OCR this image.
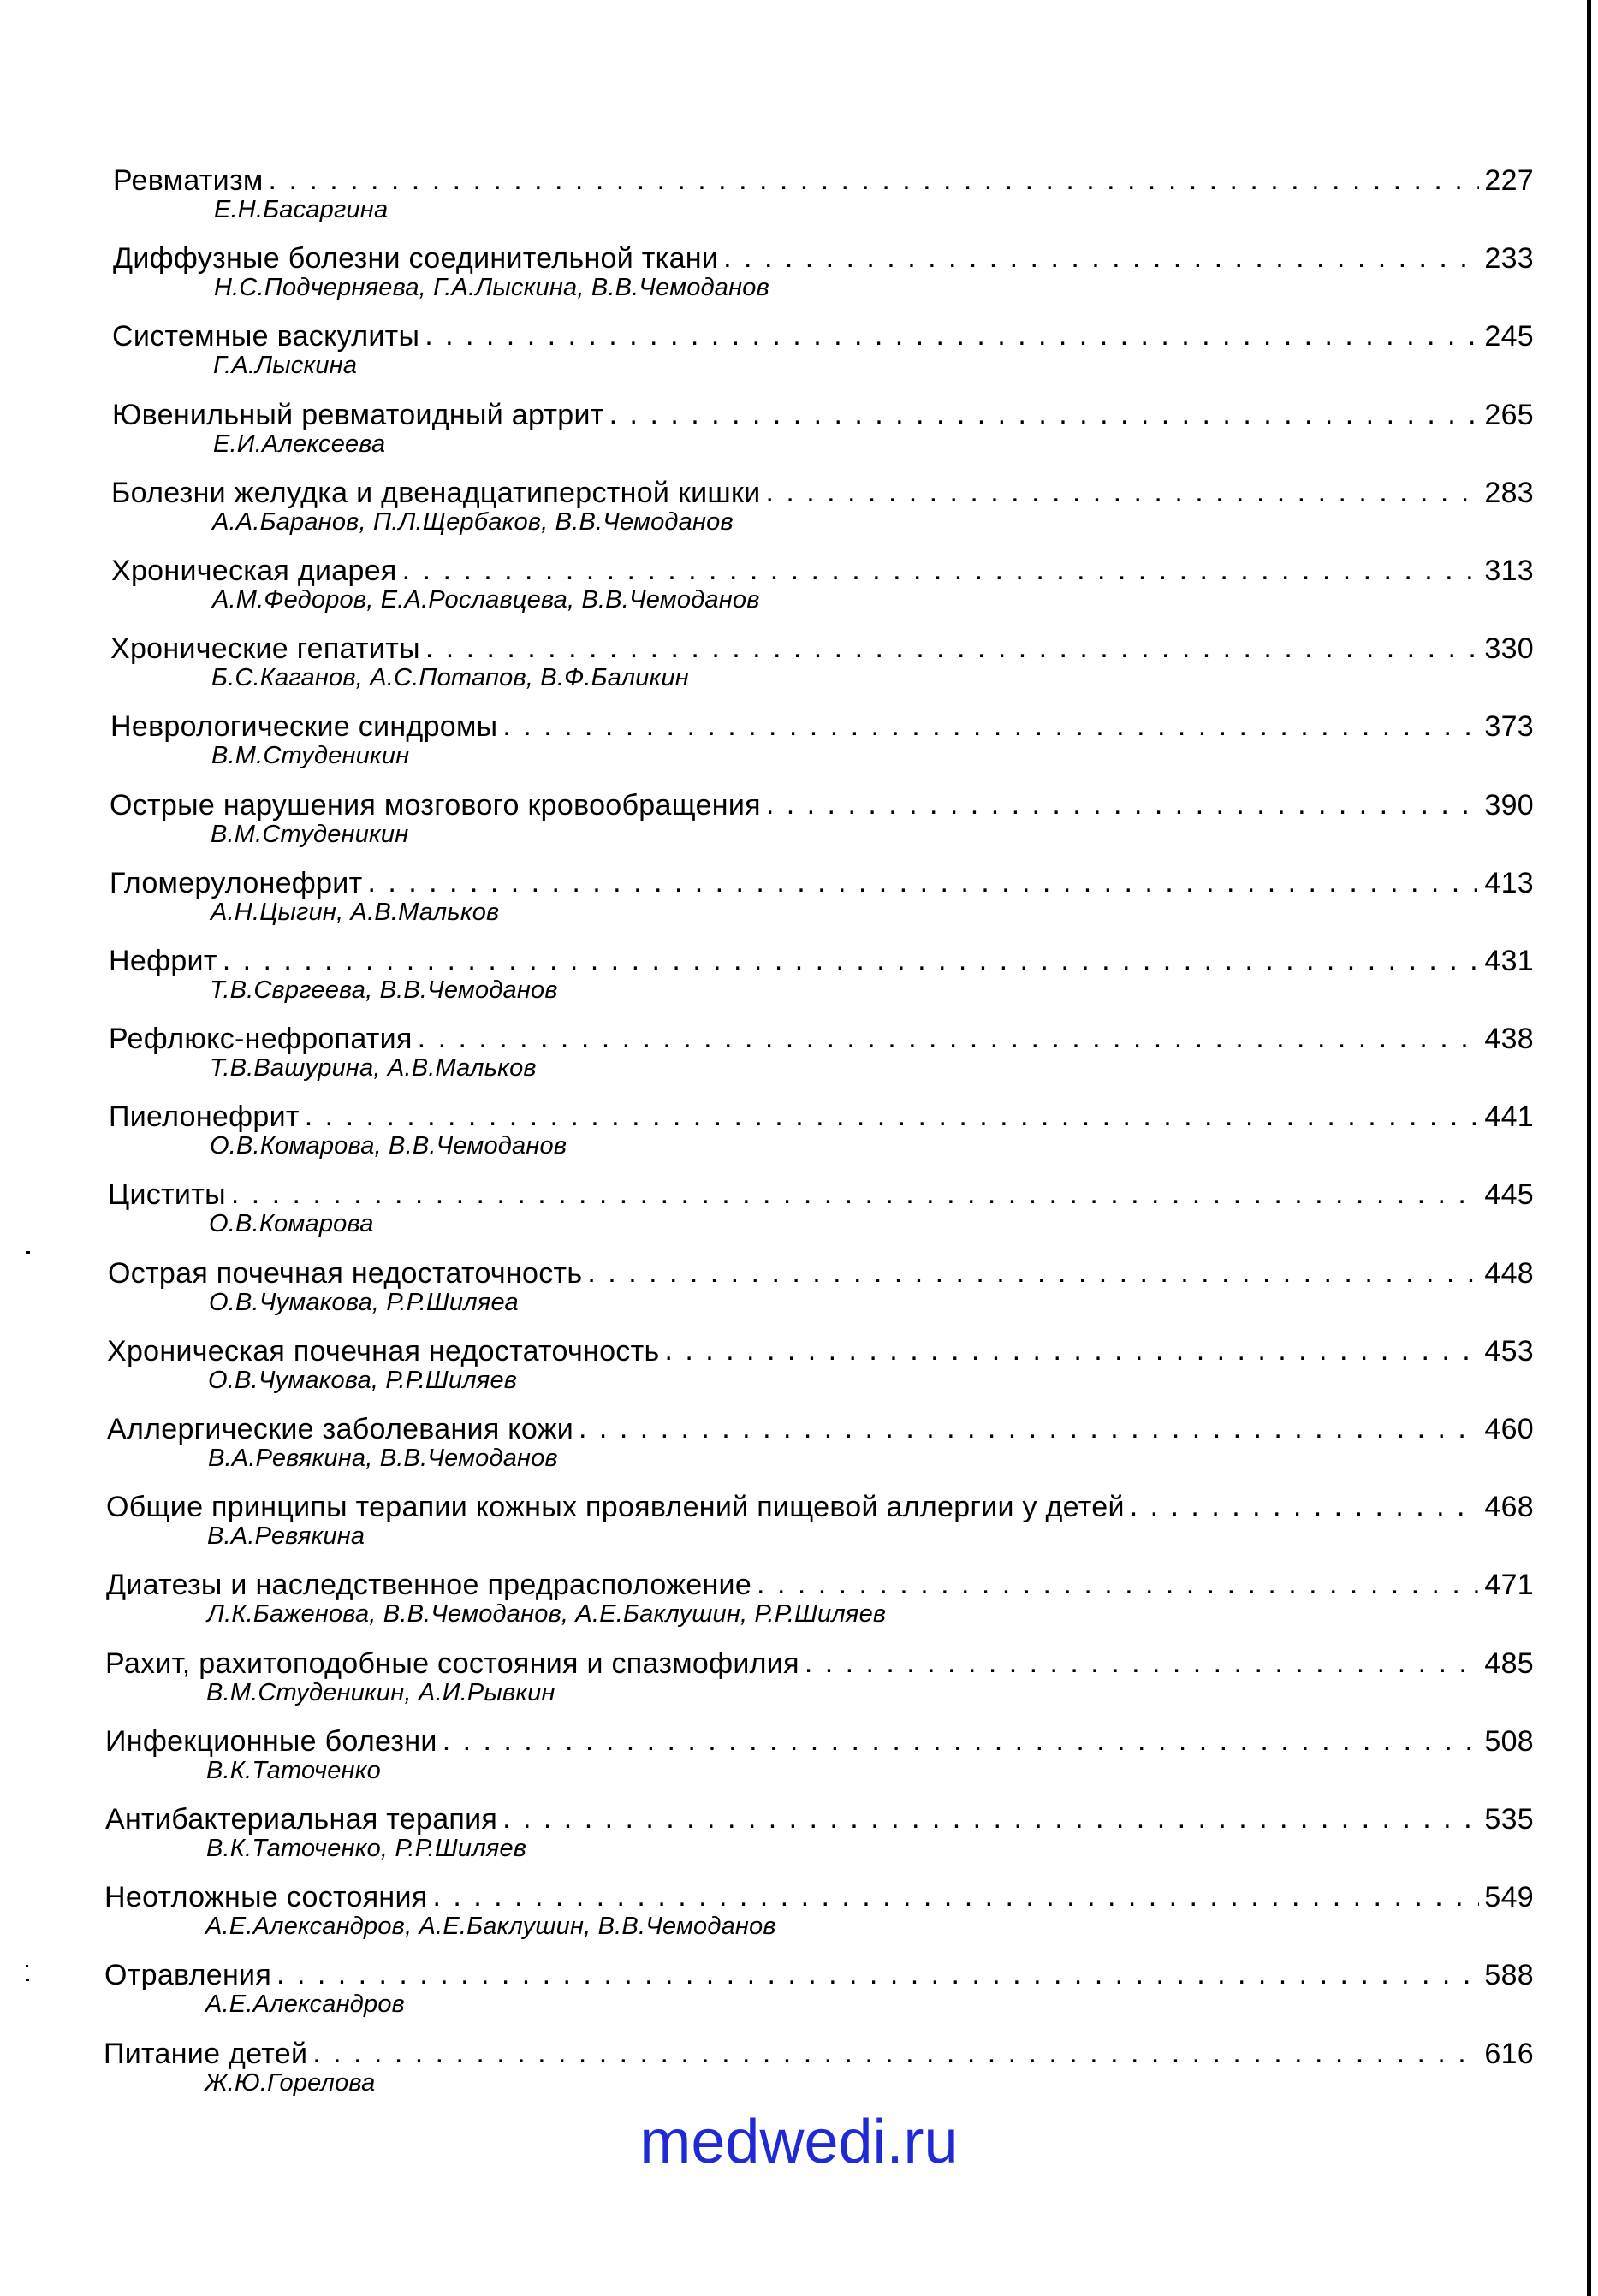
Ревматизм . . .	227
Е.Н.Басаргина
Диффузные болезни соединительной ткани . . .	233
Н.С.Подчерняева, Г.А.Лыскина, В.В.Чемоданов
Системные васкулиты . . .	245
Г.А.Лыскина
Ювенильный ревматоидный артрит . . .	265
Е.И.Алексеева
Болезни желудка и двенадцатиперстной кишки . . .	283
А.А.Баранов, П.Л.Щербаков, В.В.Чемоданов
Хроническая диарея . . .	313
А.М.Федоров, Е.А.Рославцева, В.В.Чемоданов
Хронические гепатиты . . .	330
Б.С.Каганов, А.С.Потапов, В.Ф.Баликин
Неврологические синдромы . . .	373
В.М.Студеникин
Острые нарушения мозгового кровообращения . . .	390
В.М.Студеникин
Гломерулонефрит . . .	413
А.Н.Цыгин, А.В.Мальков
Нефрит . . .	431
Т.В.Свргеева, В.В.Чемоданов
Рефлюкс-нефропатия . . .	438
Т.В.Вашурина, А.В.Мальков
Пиелонефрит . . .	441
О.В.Комарова, В.В.Чемоданов
Циститы . . .	445
О.В.Комарова
Острая почечная недостаточность . . .	448
О.В.Чумакова, Р.Р.Шиляеа
Хроническая почечная недостаточность . . .	453
О.В.Чумакова, Р.Р.Шиляев
Аллергические заболевания кожи . . .	460
В.А.Ревякина, В.В.Чемоданов
Общие принципы терапии кожных проявлений пищевой аллергии у детей . . .	468
В.А.Ревякина
Диатезы и наследственное предрасположение . . .	471
Л.К.Баженова, В.В.Чемоданов, А.Е.Баклушин, Р.Р.Шиляев
Рахит, рахитоподобные состояния и спазмофилия . . .	485
В.М.Студеникин, А.И.Рывкин
Инфекционные болезни . . .	508
В.К.Таточенко
Антибактериальная терапия . . .	535
В.К.Таточенко, Р.Р.Шиляев
Неотложные состояния . . .	549
А.Е.Александров, А.Е.Баклушин, В.В.Чемоданов
Отравления . . .	588
А.Е.Александров
Питание детей . . .	616
Ж.Ю.Горелова
medwedi.ru
